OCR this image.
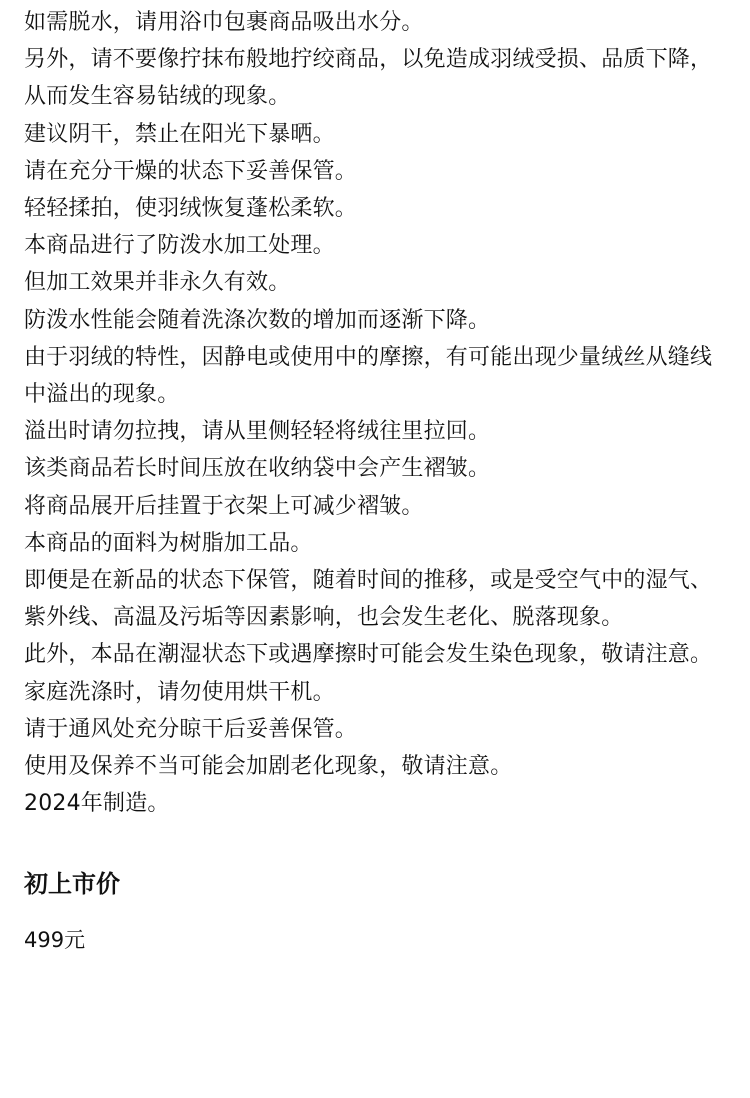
如需脱水，请用浴巾包裹商品吸出水分。
另外，请不要像拧抹布般地拧绞商品，以免造成羽绒受损、品质下降，从而发生容易钻绒的现象。
建议阴干，禁止在阳光下暴晒。
请在充分干燥的状态下妥善保管。
轻轻揉拍，使羽绒恢复蓬松柔软。
本商品进行了防泼水加工处理。
但加工效果并非永久有效。
防泼水性能会随着洗涤次数的增加而逐渐下降。
由于羽绒的特性，因静电或使用中的摩擦，有可能出现少量绒丝从缝线中溢出的现象。
溢出时请勿拉拽，请从里侧轻轻将绒往里拉回。
该类商品若长时间压放在收纳袋中会产生褶皱。
将商品展开后挂置于衣架上可减少褶皱。
本商品的面料为树脂加工品。
即便是在新品的状态下保管，随着时间的推移，或是受空气中的湿气、紫外线、高温及污垢等因素影响，也会发生老化、脱落现象。
此外，本品在潮湿状态下或遇摩擦时可能会发生染色现象，敬请注意。
家庭洗涤时，请勿使用烘干机。
请于通风处充分晾干后妥善保管。
使用及保养不当可能会加剧老化现象，敬请注意。
2024年制造。
初上市价

499元
